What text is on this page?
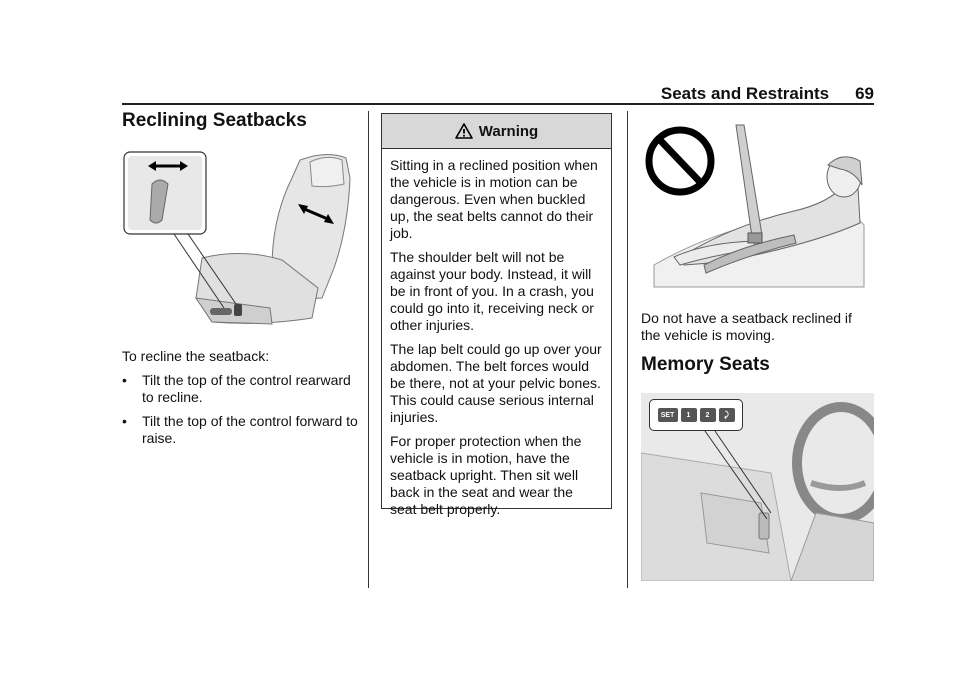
Seats and Restraints 69
Reclining Seatbacks

To recline the seatback:

• Tilt the top of the control rearward to recline.
• Tilt the top of the control forward to raise.
Warning

Sitting in a reclined position when the vehicle is in motion can be dangerous. Even when buckled up, the seat belts cannot do their job.

The shoulder belt will not be against your body. Instead, it will be in front of you. In a crash, you could go into it, receiving neck or other injuries.

The lap belt could go up over your abdomen. The belt forces would be there, not at your pelvic bones. This could cause serious internal injuries.

For proper protection when the vehicle is in motion, have the seatback upright. Then sit well back in the seat and wear the seat belt properly.

Do not have a seatback reclined if the vehicle is moving.

Memory Seats
SET	1	2	⤸
